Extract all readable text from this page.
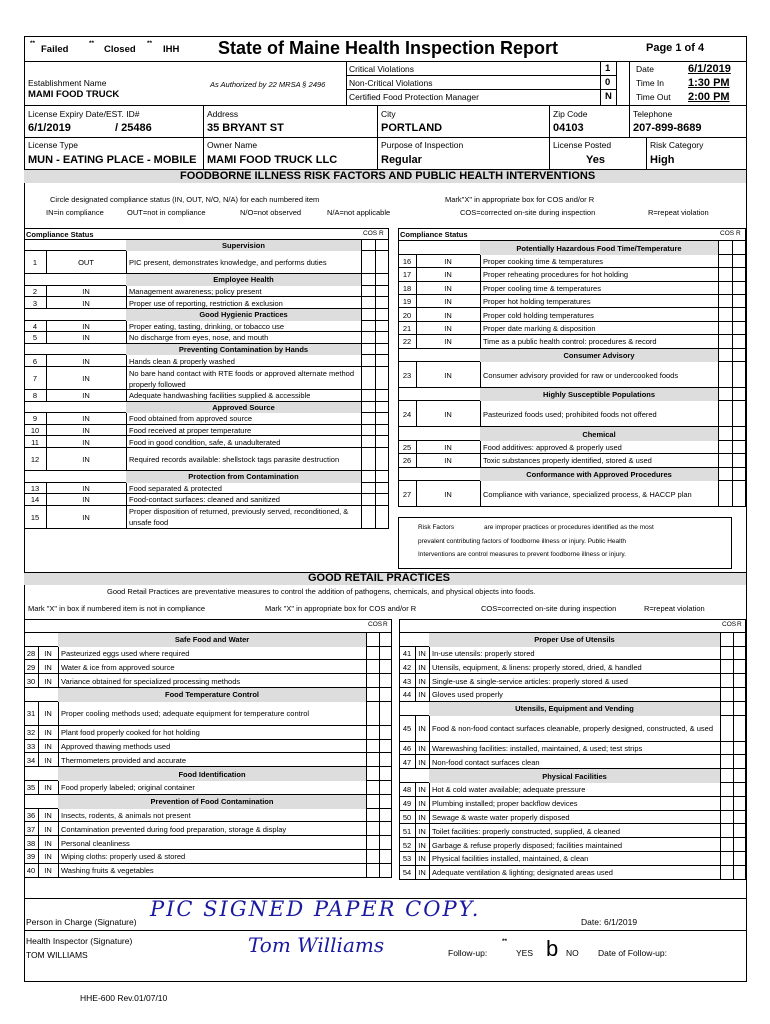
**
Failed
**
Closed
**
IHH State of Maine Health Inspection Report	Page 1 of 4
Critical Violations	1
Non-Critical Violations	0
Certified Food Protection Manager	N
Date	6/1/2019
Time In 1:30 PM
Time Out 2:00 PM
Establishment Name
MAMI FOOD TRUCK
As Authorized by 22 MRSA § 2496
License Expiry Date/EST. ID#
6/1/2019	/ 25486
Address
35 BRYANT ST
City
PORTLAND
Zip Code
04103
Telephone
207-899-8689
License Type
MUN - EATING PLACE - MOBILE
Owner Name
MAMI FOOD TRUCK LLC
Purpose of Inspection
Regular
License Posted
Yes
Risk Category
High
FOODBORNE ILLNESS RISK FACTORS AND PUBLIC HEALTH INTERVENTIONS
Circle designated compliance status (IN, OUT, N/O, N/A) for each numbered item	Mark"X" in appropriate box for COS and/or R
IN=in compliance	OUT=not in compliance	N/O=not observed	N/A=not applicable	COS=corrected on-site during inspection	R=repeat violation
Compliance Status	COS R
Supervision
1	OUT	PIC present, demonstrates knowledge, and performs duties
Employee Health
2	IN	Management awareness; policy present
3	IN	Proper use of reporting, restriction & exclusion
Good Hygienic Practices
4	IN	Proper eating, tasting, drinking, or tobacco use
5	IN	No discharge from eyes, nose, and mouth
Preventing Contamination by Hands
6	IN	Hands clean & properly washed
7	IN
No bare hand contact with RTE foods or approved alternate method properly followed
8	IN	Adequate handwashing facilities supplied & accessible
Approved Source
9	IN	Food obtained from approved source
10	IN	Food received at proper temperature
11	IN	Food in good condition, safe, & unadulterated
12	IN	Required records available: shellstock tags parasite destruction
Protection from Contamination
13	IN	Food separated & protected
14	IN	Food-contact surfaces: cleaned and sanitized
15	IN
Proper disposition of returned, previously served, reconditioned, & unsafe food
Compliance Status	COS R
Potentially Hazardous Food Time/Temperature
16	IN	Proper cooking time & temperatures
17	IN	Proper reheating procedures for hot holding
18	IN	Proper cooling time & temperatures
19	IN	Proper hot holding temperatures
20	IN	Proper cold holding temperatures
21	IN	Proper date marking & disposition
22	IN	Time as a public health control: procedures & record
Consumer Advisory
23	IN	Consumer advisory provided for raw or undercooked foods
Highly Susceptible Populations
24	IN	Pasteurized foods used; prohibited foods not offered
Chemical
25	IN	Food additives: approved & properly used
26	IN	Toxic substances properly identified, stored & used
Conformance with Approved Procedures
27	IN	Compliance with variance, specialized process, & HACCP plan
Risk Factors	are improper practices or procedures identified as the most
prevalent contributing factors of foodborne illness or injury. Public Health
Interventions are control measures to prevent foodborne illness or injury.
GOOD RETAIL PRACTICES
Good Retail Practices are preventative measures to control the addition of pathogens, chemicals, and physical objects into foods.
Mark "X" in box if numbered item is not in compliance	Mark "X" in appropriate box for COS and/or R	COS=corrected on-site during inspection	R=repeat violation
COS R
Safe Food and Water
28	IN	Pasteurized eggs used where required
29	IN	Water & ice from approved source
30	IN	Variance obtained for specialized processing methods
Food Temperature Control
31	IN	Proper cooling methods used; adequate equipment for temperature control
32	IN	Plant food properly cooked for hot holding
33	IN	Approved thawing methods used
34	IN	Thermometers provided and accurate
Food Identification
35	IN	Food properly labeled; original container
Prevention of Food Contamination
36	IN	Insects, rodents, & animals not present
37	IN	Contamination prevented during food preparation, storage & display
38	IN	Personal cleanliness
39	IN	Wiping cloths: properly used & stored
40	IN	Washing fruits & vegetables
COS R
Proper Use of Utensils
41 IN In-use utensils: properly stored
42 IN Utensils, equipment, & linens: properly stored, dried, & handled
43 IN Single-use & single-service articles: properly stored & used
44 IN Gloves used properly
Utensils, Equipment and Vending
45 IN Food & non-food contact surfaces cleanable, properly designed, constructed, & used
46 IN Warewashing facilities: installed, maintained, & used; test strips
47 IN Non-food contact surfaces clean
Physical Facilities
48 IN Hot & cold water available; adequate pressure
49 IN Plumbing installed; proper backflow devices
50 IN Sewage & waste water properly disposed
51 IN Toilet facilities: properly constructed, supplied, & cleaned
52 IN Garbage & refuse properly disposed; facilities maintained
53 IN Physical facilities installed, maintained, & clean
54 IN Adequate ventilation & lighting; designated areas used
Person in Charge (Signature)
PIC SIGNED PAPER COPY.
Date: 6/1/2019
Health Inspector (Signature)
TOM WILLIAMS	Tom Williams	Follow-up:
**
YES b NO Date of Follow-up:
HHE-600 Rev.01/07/10
